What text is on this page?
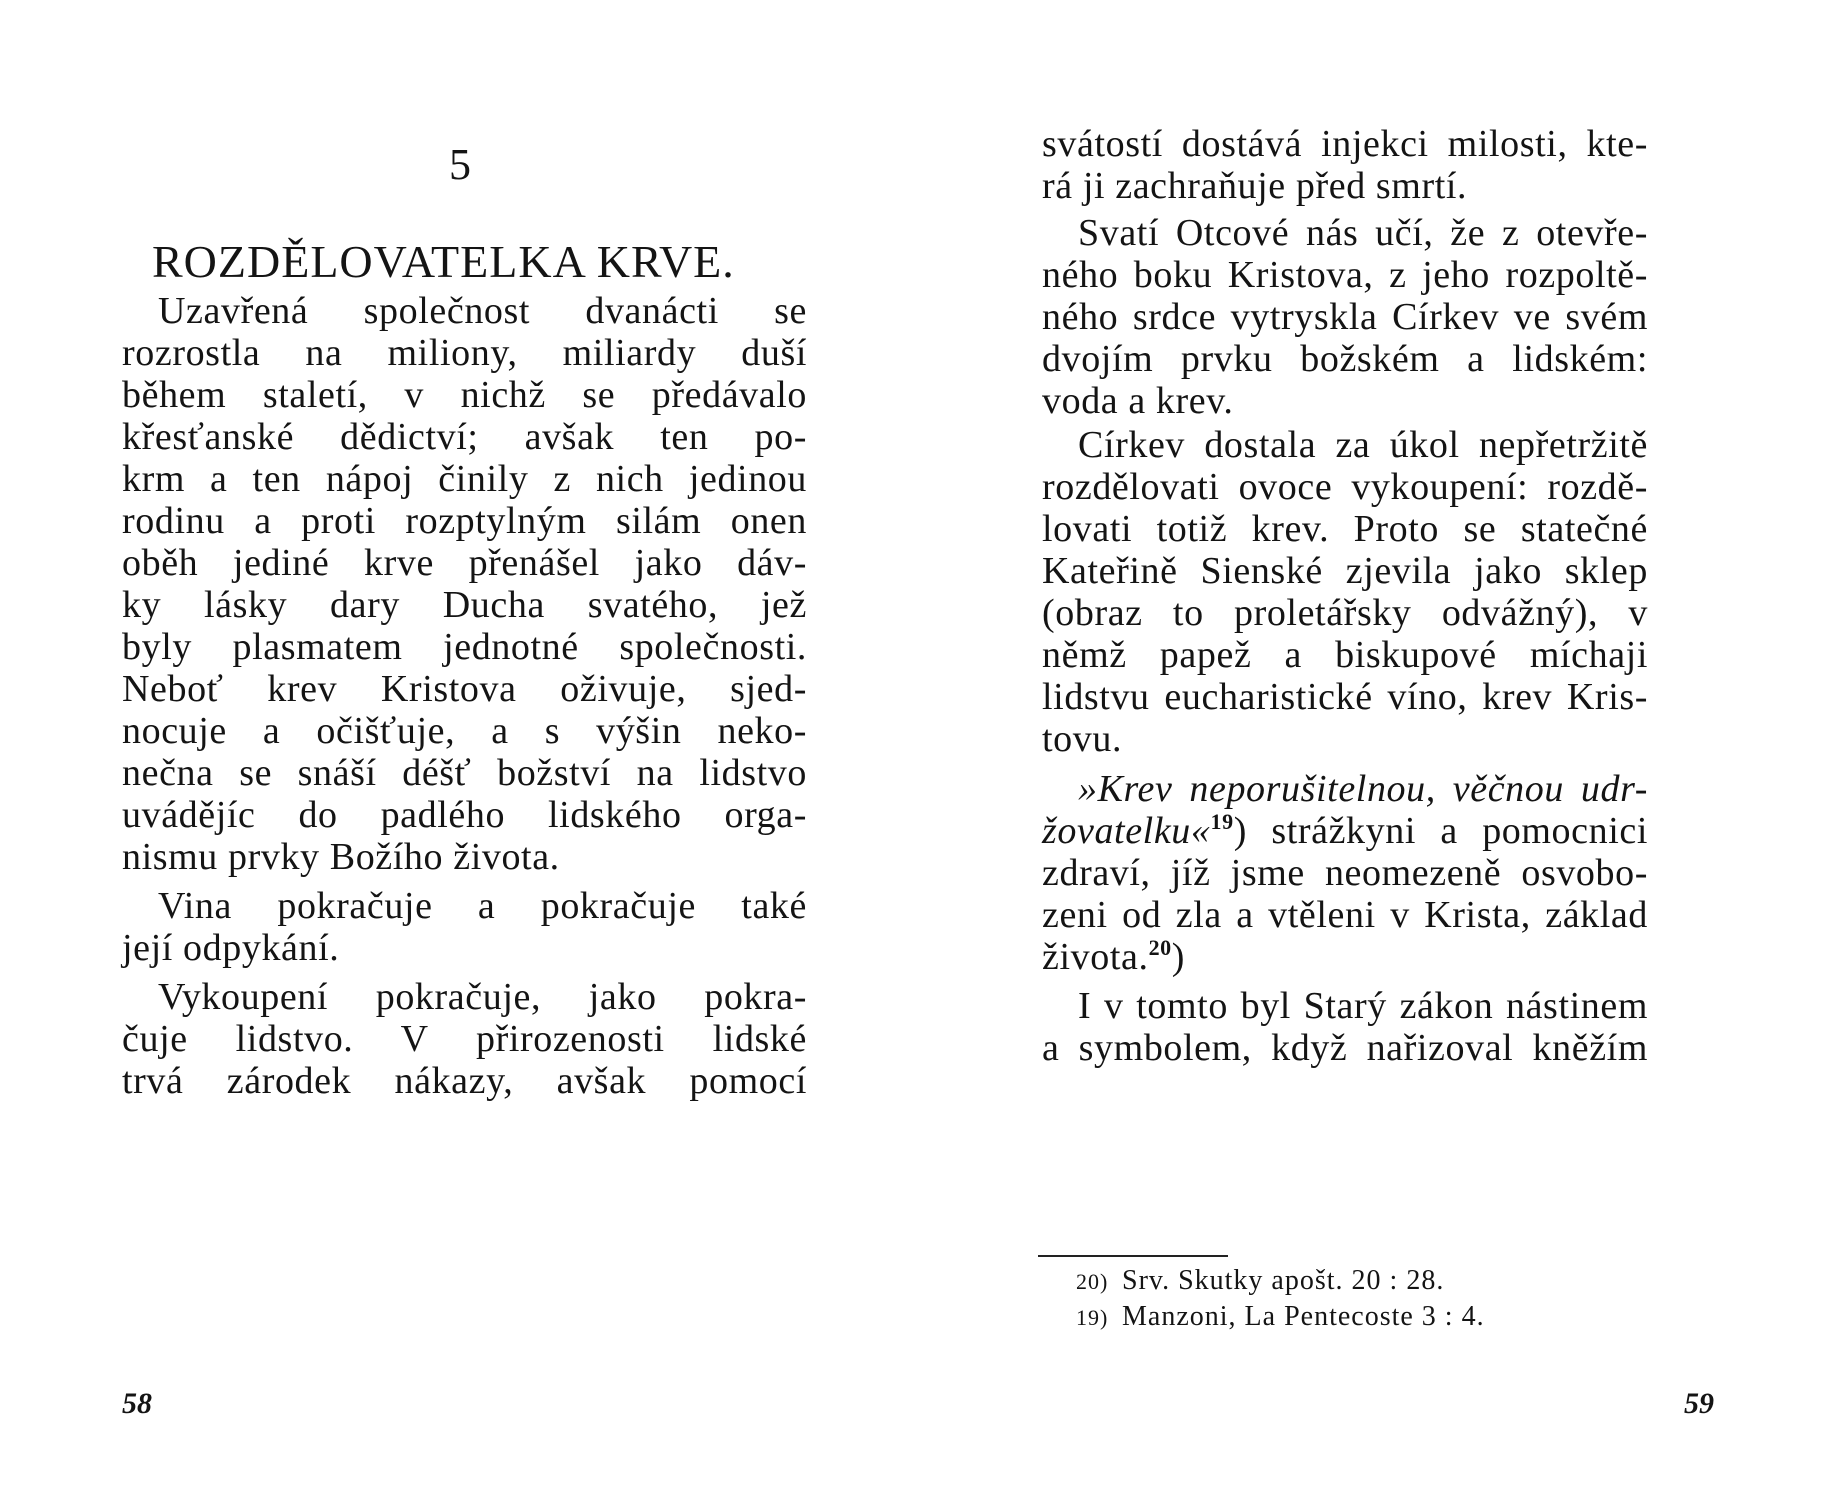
5
ROZDĚLOVATELKA KRVE.
Uzavřená společnost dvanácti se
rozrostla na miliony, miliardy duší
během staletí, v nichž se předávalo
křesťanské dědictví; avšak ten po-
krm a ten nápoj činily z nich jedinou
rodinu a proti rozptylným silám onen
oběh jediné krve přenášel jako dáv-
ky lásky dary Ducha svatého, jež
byly plasmatem jednotné společnosti.
Neboť krev Kristova oživuje, sjed-
nocuje a očišťuje, a s výšin neko-
nečna se snáší déšť božství na lidstvo
uvádějíc do padlého lidského orga-
nismu prvky Božího života.
Vina pokračuje a pokračuje také
její odpykání.
Vykoupení pokračuje, jako pokra-
čuje lidstvo. V přirozenosti lidské
trvá zárodek nákazy, avšak pomocí
58
svátostí dostává injekci milosti, kte-
rá ji zachraňuje před smrtí.
Svatí Otcové nás učí, že z otevře-
ného boku Kristova, z jeho rozpoltě-
ného srdce vytryskla Církev ve svém
dvojím prvku božském a lidském:
voda a krev.
Církev dostala za úkol nepřetržitě
rozdělovati ovoce vykoupení: rozdě-
lovati totiž krev. Proto se statečné
Kateřině Sienské zjevila jako sklep
(obraz to proletářsky odvážný), v
němž papež a biskupové míchaji
lidstvu eucharistické víno, krev Kris-
tovu.
»Krev neporušitelnou, věčnou udr-
žovatelku«$^{19}$) strážkyni a pomocnici
zdraví, jíž jsme neomezeně osvobo-
zeni od zla a vtěleni v Krista, základ
života.$^{20}$)
I v tomto byl Starý zákon nástinem
a symbolem, když nařizoval kněžím
20) Srv. Skutky apošt. 20 : 28.
19) Manzoni, La Pentecoste 3 : 4.
59
